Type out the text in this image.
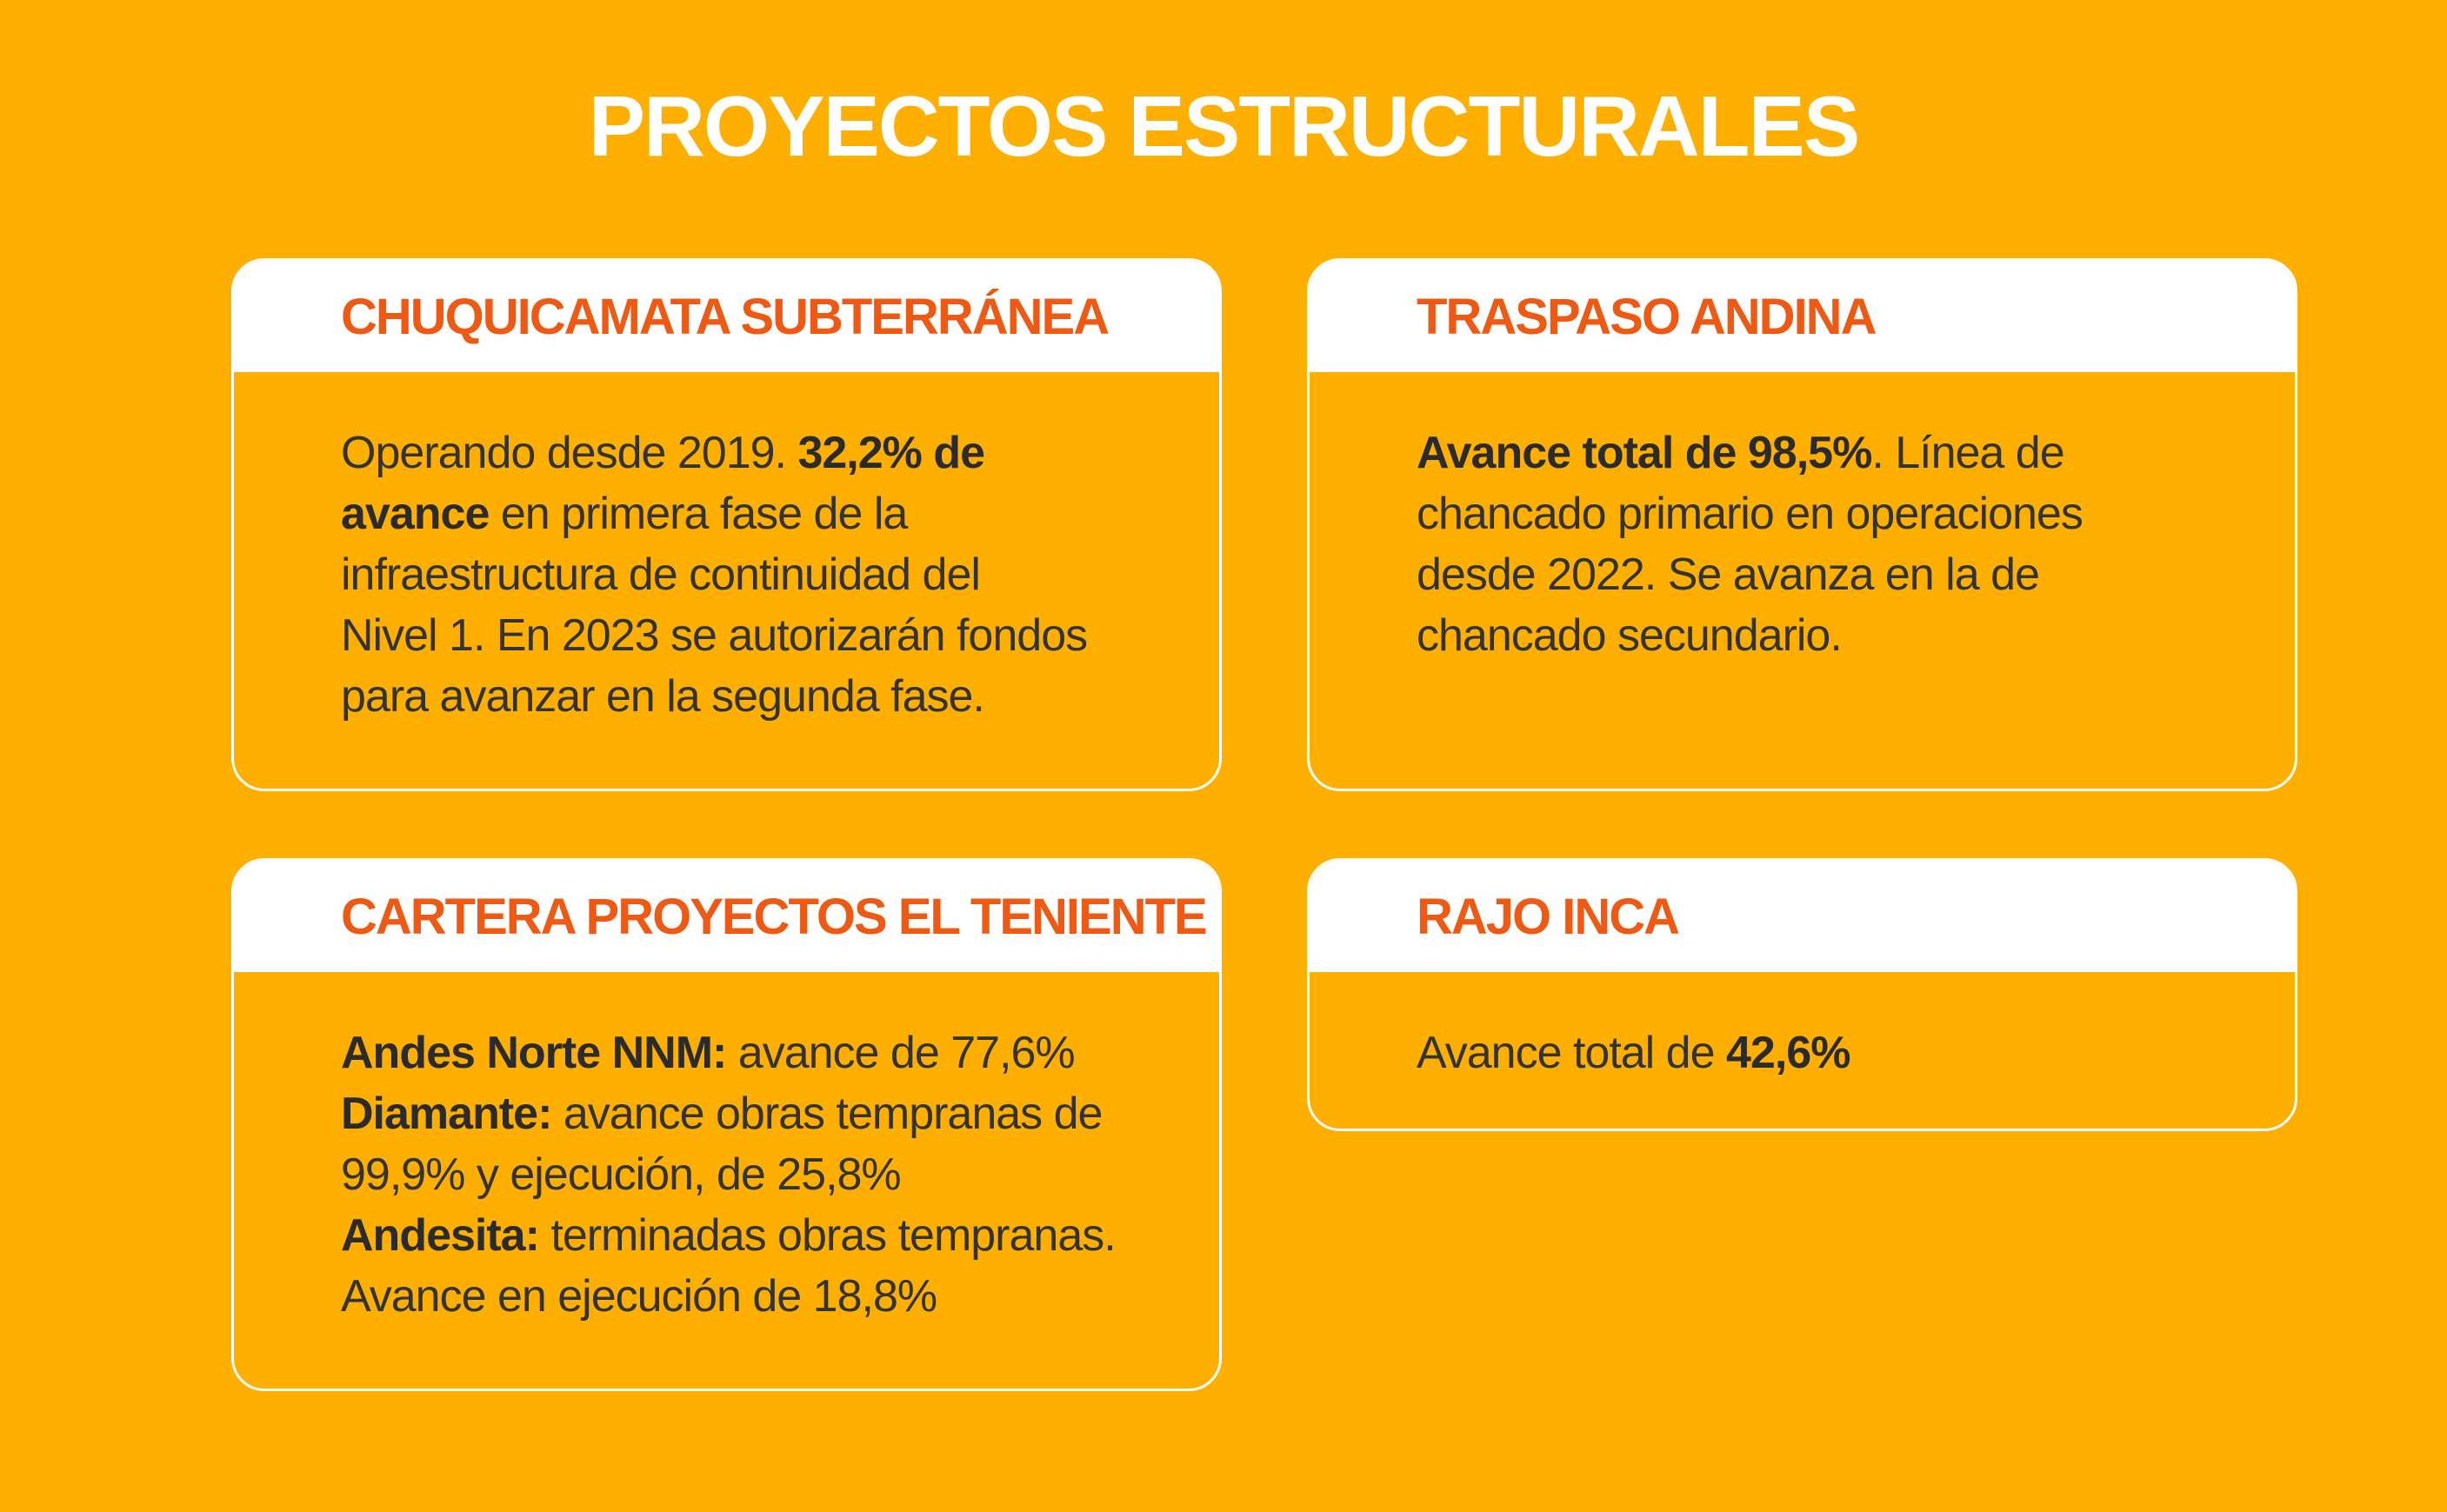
PROYECTOS ESTRUCTURALES
CHUQUICAMATA SUBTERRÁNEA
Operando desde 2019. 32,2% de
avance en primera fase de la
infraestructura de continuidad del
Nivel 1. En 2023 se autorizarán fondos
para avanzar en la segunda fase.
TRASPASO ANDINA
Avance total de 98,5%. Línea de
chancado primario en operaciones
desde 2022. Se avanza en la de
chancado secundario.
CARTERA PROYECTOS EL TENIENTE
Andes Norte NNM: avance de 77,6%
Diamante: avance obras tempranas de
99,9% y ejecución, de 25,8%
Andesita: terminadas obras tempranas.
Avance en ejecución de 18,8%
RAJO INCA
Avance total de 42,6%
